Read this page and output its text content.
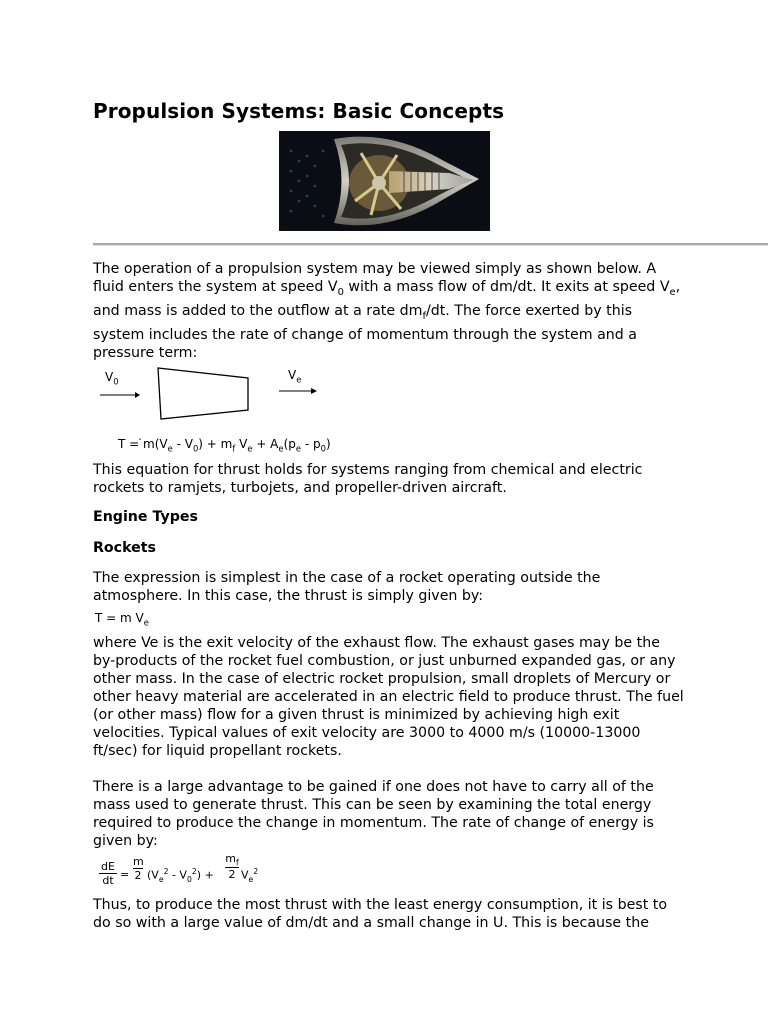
Propulsion Systems: Basic Concepts

The operation of a propulsion system may be viewed simply as shown below. A
fluid enters the system at speed $V_0$ with a mass flow of dm/dt. It exits at speed $V_e$,
and mass is added to the outflow at a rate $dm_f/dt$. The force exerted by this
system includes the rate of change of momentum through the system and a
pressure term:

$V_0$	$V_e$
$T = m(V_e - V_0) + m_f$ $V_e + A_e(p_e - p_0)$

This equation for thrust holds for systems ranging from chemical and electric
rockets to ramjets, turbojets, and propeller-driven aircraft.

Engine Types
Rockets

The expression is simplest in the case of a rocket operating outside the
atmosphere. In this case, the thrust is simply given by:

T = m $V_e$

where Ve is the exit velocity of the exhaust flow. The exhaust gases may be the
by-products of the rocket fuel combustion, or just unburned expanded gas, or any
other mass. In the case of electric rocket propulsion, small droplets of Mercury or
other heavy material are accelerated in an electric field to produce thrust. The fuel
(or other mass) flow for a given thrust is minimized by achieving high exit
velocities. Typical values of exit velocity are 3000 to 4000 m/s (10000-13000
ft/sec) for liquid propellant rockets.

There is a large advantage to be gained if one does not have to carry all of the
mass used to generate thrust. This can be seen by examining the total energy
required to produce the change in momentum. The rate of change of energy is
given by:

dE
dt =
m
2 $(V_e^2 - V_0^2)$ +
$m_f$
2 $V_e^2$

Thus, to produce the most thrust with the least energy consumption, it is best to
do so with a large value of dm/dt and a small change in U. This is because the
